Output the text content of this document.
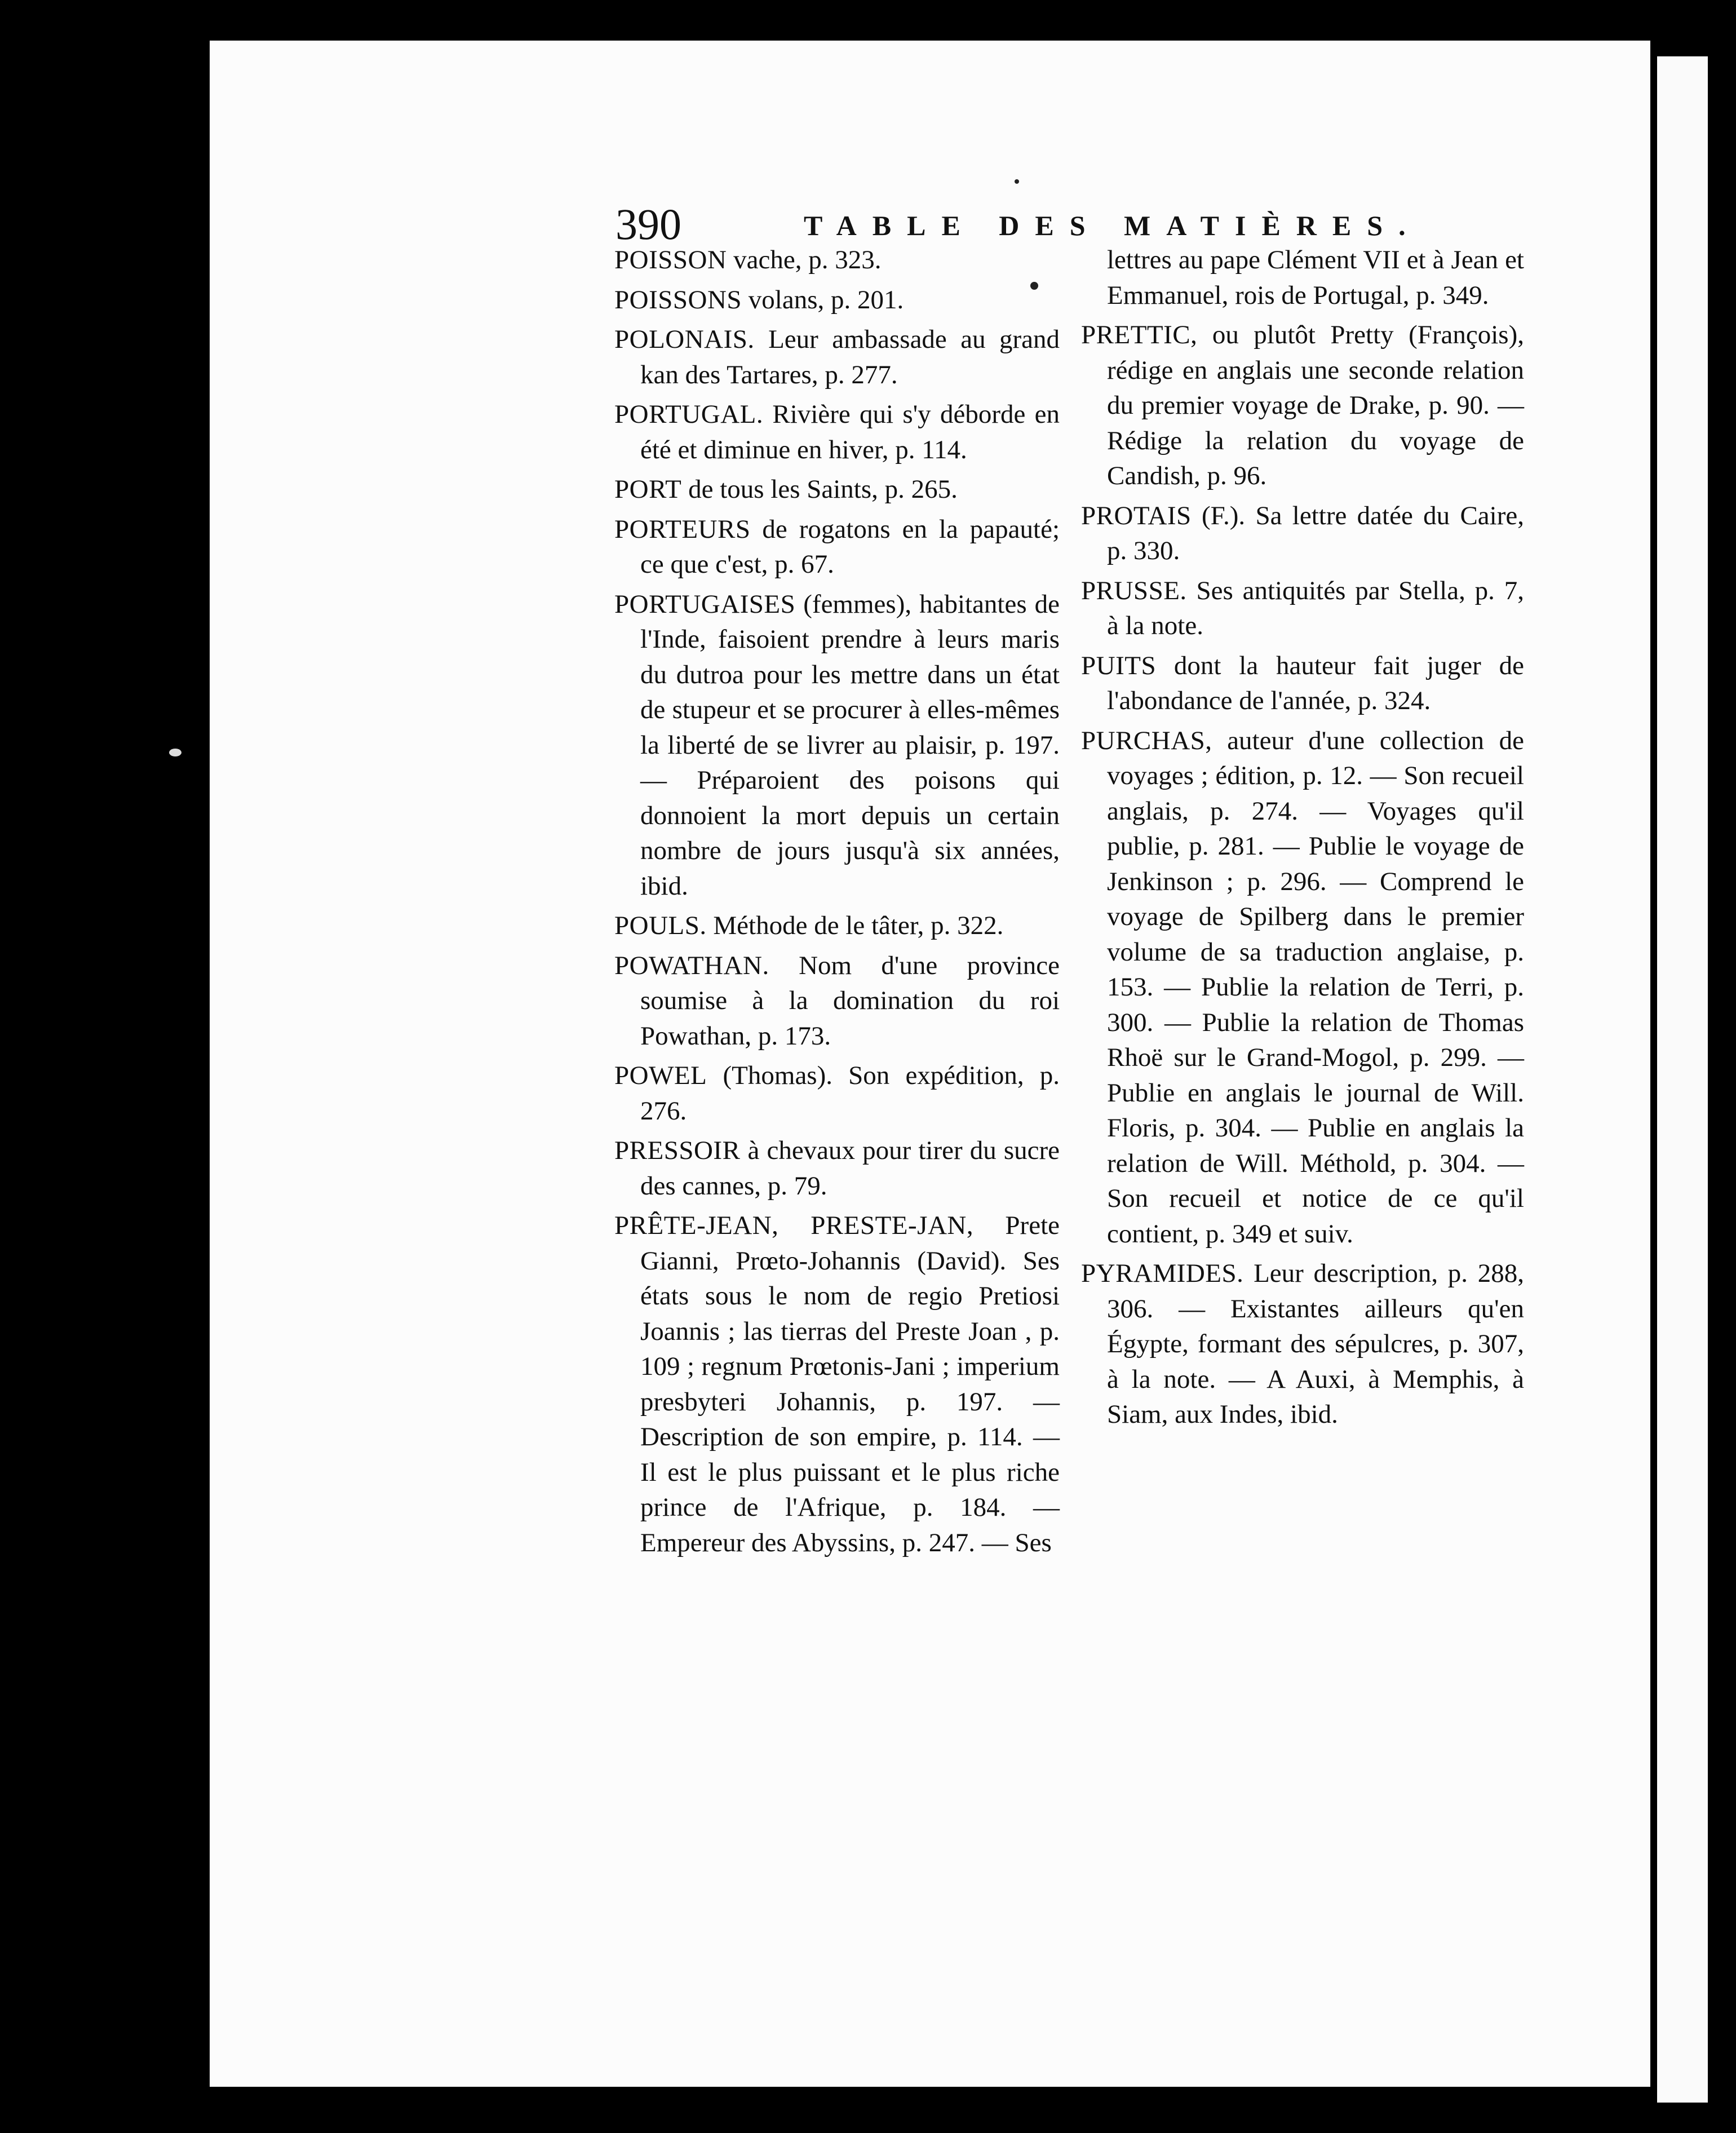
390	TABLE DES MATIÈRES.

POISSON vache, p. 323.

POISSONS volans, p. 201.

POLONAIS. Leur ambassade au grand kan des Tartares, p. 277.

PORTUGAL. Rivière qui s'y déborde en été et diminue en hiver, p. 114.

PORT de tous les Saints, p. 265.

PORTEURS de rogatons en la papauté; ce que c'est, p. 67.

PORTUGAISES (femmes), habitantes de l'Inde, faisoient prendre à leurs maris du dutroa pour les mettre dans un état de stupeur et se procurer à elles-mêmes la liberté de se livrer au plaisir, p. 197. — Préparoient des poisons qui donnoient la mort depuis un certain nombre de jours jusqu'à six années, ibid.

POULS. Méthode de le tâter, p. 322.

POWATHAN. Nom d'une province soumise à la domination du roi Powathan, p. 173.

POWEL (Thomas). Son expédition, p. 276.

PRESSOIR à chevaux pour tirer du sucre des cannes, p. 79.

PRÊTE-JEAN, PRESTE-JAN, Prete Gianni, Prœto-Johannis (David). Ses états sous le nom de regio Pretiosi Joannis ; las tierras del Preste Joan , p. 109 ; regnum Prœtonis-Jani ; imperium presbyteri Johannis, p. 197. — Description de son empire, p. 114. — Il est le plus puissant et le plus riche prince de l'Afrique, p. 184. — Empereur des Abyssins, p. 247. — Ses

lettres au pape Clément VII et à Jean et Emmanuel, rois de Portugal, p. 349.

PRETTIC, ou plutôt Pretty (François), rédige en anglais une seconde relation du premier voyage de Drake, p. 90. — Rédige la relation du voyage de Candish, p. 96.

PROTAIS (F.). Sa lettre datée du Caire, p. 330.

PRUSSE. Ses antiquités par Stella, p. 7, à la note.

PUITS dont la hauteur fait juger de l'abondance de l'année, p. 324.

PURCHAS, auteur d'une collection de voyages ; édition, p. 12. — Son recueil anglais, p. 274. — Voyages qu'il publie, p. 281. — Publie le voyage de Jenkinson ; p. 296. — Comprend le voyage de Spilberg dans le premier volume de sa traduction anglaise, p. 153. — Publie la relation de Terri, p. 300. — Publie la relation de Thomas Rhoë sur le Grand-Mogol, p. 299. — Publie en anglais le journal de Will. Floris, p. 304. — Publie en anglais la relation de Will. Méthold, p. 304. — Son recueil et notice de ce qu'il contient, p. 349 et suiv.

PYRAMIDES. Leur description, p. 288, 306. — Existantes ailleurs qu'en Égypte, formant des sépulcres, p. 307, à la note. — A Auxi, à Memphis, à Siam, aux Indes, ibid.
